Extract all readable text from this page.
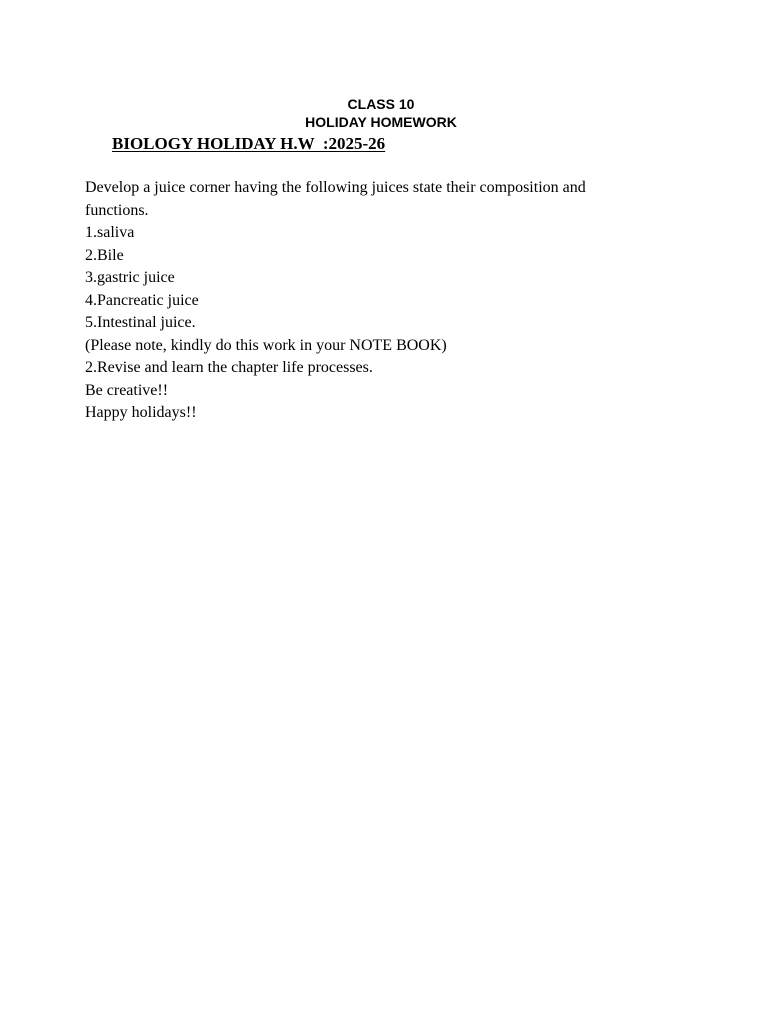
CLASS 10
HOLIDAY HOMEWORK
BIOLOGY HOLIDAY H.W  :2025-26
Develop a juice corner having the following juices state their composition and
functions.
1.saliva
2.Bile
3.gastric juice
4.Pancreatic juice
5.Intestinal juice.
(Please note, kindly do this work in your NOTE BOOK)
2.Revise and learn the chapter life processes.
Be creative!!
Happy holidays!!
